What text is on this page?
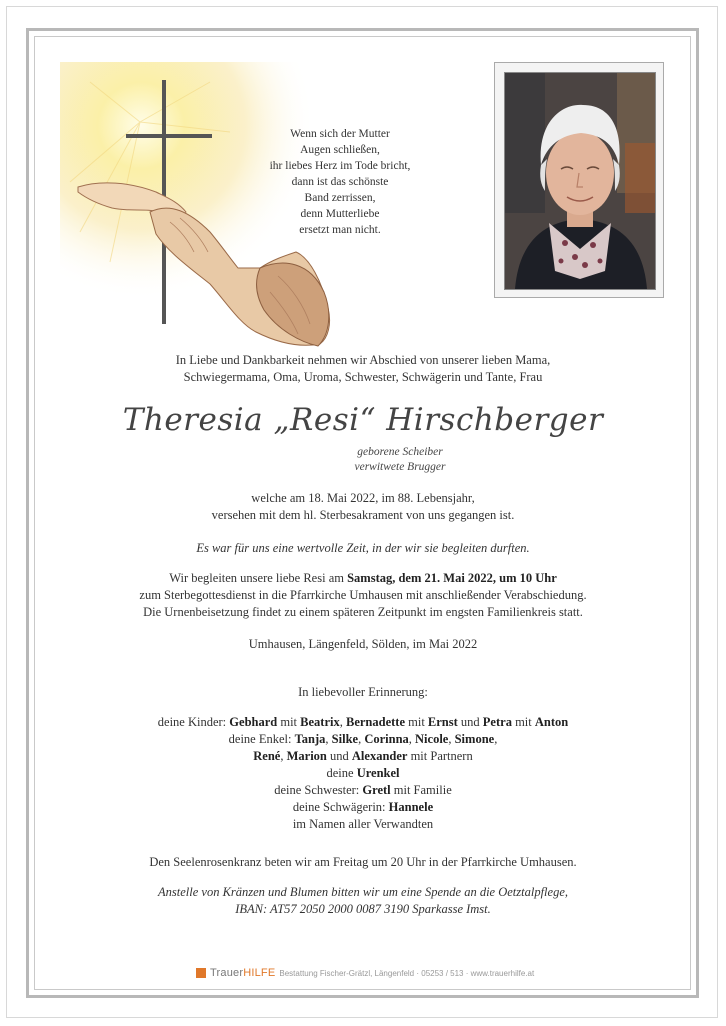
Wenn sich der Mutter
Augen schließen,
ihr liebes Herz im Tode bricht,
dann ist das schönste
Band zerrissen,
denn Mutterliebe
ersetzt man nicht.
In Liebe und Dankbarkeit nehmen wir Abschied von unserer lieben Mama,
Schwiegermama, Oma, Uroma, Schwester, Schwägerin und Tante, Frau
Theresia „Resi“ Hirschberger
geborene Scheiber
verwitwete Brugger
welche am 18. Mai 2022, im 88. Lebensjahr,
versehen mit dem hl. Sterbesakrament von uns gegangen ist.
Es war für uns eine wertvolle Zeit, in der wir sie begleiten durften.
Wir begleiten unsere liebe Resi am Samstag, dem 21. Mai 2022, um 10 Uhr
zum Sterbegottesdienst in die Pfarrkirche Umhausen mit anschließender Verabschiedung.
Die Urnenbeisetzung findet zu einem späteren Zeitpunkt im engsten Familienkreis statt.
Umhausen, Längenfeld, Sölden, im Mai 2022
In liebevoller Erinnerung:
deine Kinder: Gebhard mit Beatrix, Bernadette mit Ernst und Petra mit Anton
deine Enkel: Tanja, Silke, Corinna, Nicole, Simone,
René, Marion und Alexander mit Partnern
deine Urenkel
deine Schwester: Gretl mit Familie
deine Schwägerin: Hannele
im Namen aller Verwandten
Den Seelenrosenkranz beten wir am Freitag um 20 Uhr in der Pfarrkirche Umhausen.
Anstelle von Kränzen und Blumen bitten wir um eine Spende an die Oetztalpflege,
IBAN: AT57 2050 2000 0087 3190 Sparkasse Imst.
TrauerHILFE Bestattung Fischer-Grätzl, Längenfeld · 05253 / 513 · www.trauerhilfe.at
